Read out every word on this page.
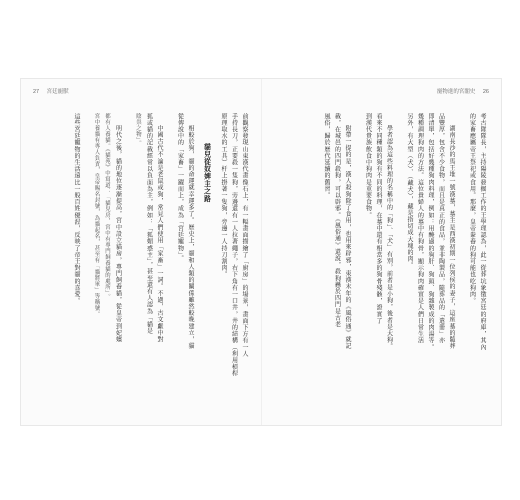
27 宮廷寵獸	寵物進的宮閣史 26
考古隊隊長，主持陽陵發掘工作的王學理認為，此一從葬坑象徵宮廷的府庫，其內
的家畜應屬帝王祭祀或食用。那麼，皇帝豢養的狗可能也吃狗肉。
湖南長沙的馬王堆一號漢墓，墓主是西漢初期一位列侯的妻子，這座墓的隨葬
品豐厚，包含不少食物，而且是真正的食品，並非陶製品，隨葬品的「遣冊」亦
即清單，包括好幾種狗肉料理，例如：用醃過的狗肝、狗頭、狗雜製成的肉湯等。
幾種調理狗肉的方法。這位貴婦人的墓中有狗骨，顯示狗肉確實是人們日常生活
另外，有大型（犬）、（藏犬），藏是指切成大塊的肉。
學者認為這些料理的名稱中的「狗」、「犬」有別，前者是小狗，後者是大狗。
看來不同種類的狗有不同的料理，在墓中還有相當多的狗骨殘骸，證實了
到漢代貴族飲食中狗肉是重要食物。
附帶一提的是，漢人殺狗除了食用，也用來辟邪，東漢末年的《風俗通》就記
載，在城邑的四門殺狗，可以辟邪。《風俗通》還說，殺狗懸於四門是古老
風俗，歸於歷代延續的舊習。
前觀察發現山東漢代畫像石上，有一幅畫面描繪了「廚房」的場景，畫面下方有一人
手持長刀，正要殺一隻狗，旁邊還有一人拉著繩子，右下角有一口井，井的結構（利用槓桿
原理取水的工具）杆上掛著一隻狗，旁邊一人持刀割肉。
貓兒從奴婢主之路
相較於狗，貓的命運就幸運多了。歷史上，貓和人類的關係雖然較晚建立，貓
從傳說中的「家畜」一躍而上，成為「宮廷寵物」。
中國古代不論是老鼠或狗，常見人們使用「家畜」一詞。不過，古文獻中對
狐或貓的記載經常以負面為主，例如：「狐媚惑主」，甚至還有人認為「貓是
陰祟之物」。
明代之後，貓的地位逐漸提高，宮中設立貓房，專門飼養貓，從皇帝到妃嬪
都有人養貓。《貓苑》中寫道：「貓兒房，宮中有專門飼養貓的處所」。
宮中養貓有專人負責，皇帝賜名封號，為貓起名，甚至有「貓將軍」等稱號。
這些宮廷寵物的生活遠比一般百姓優渥，反映了帝王對貓的喜愛。
